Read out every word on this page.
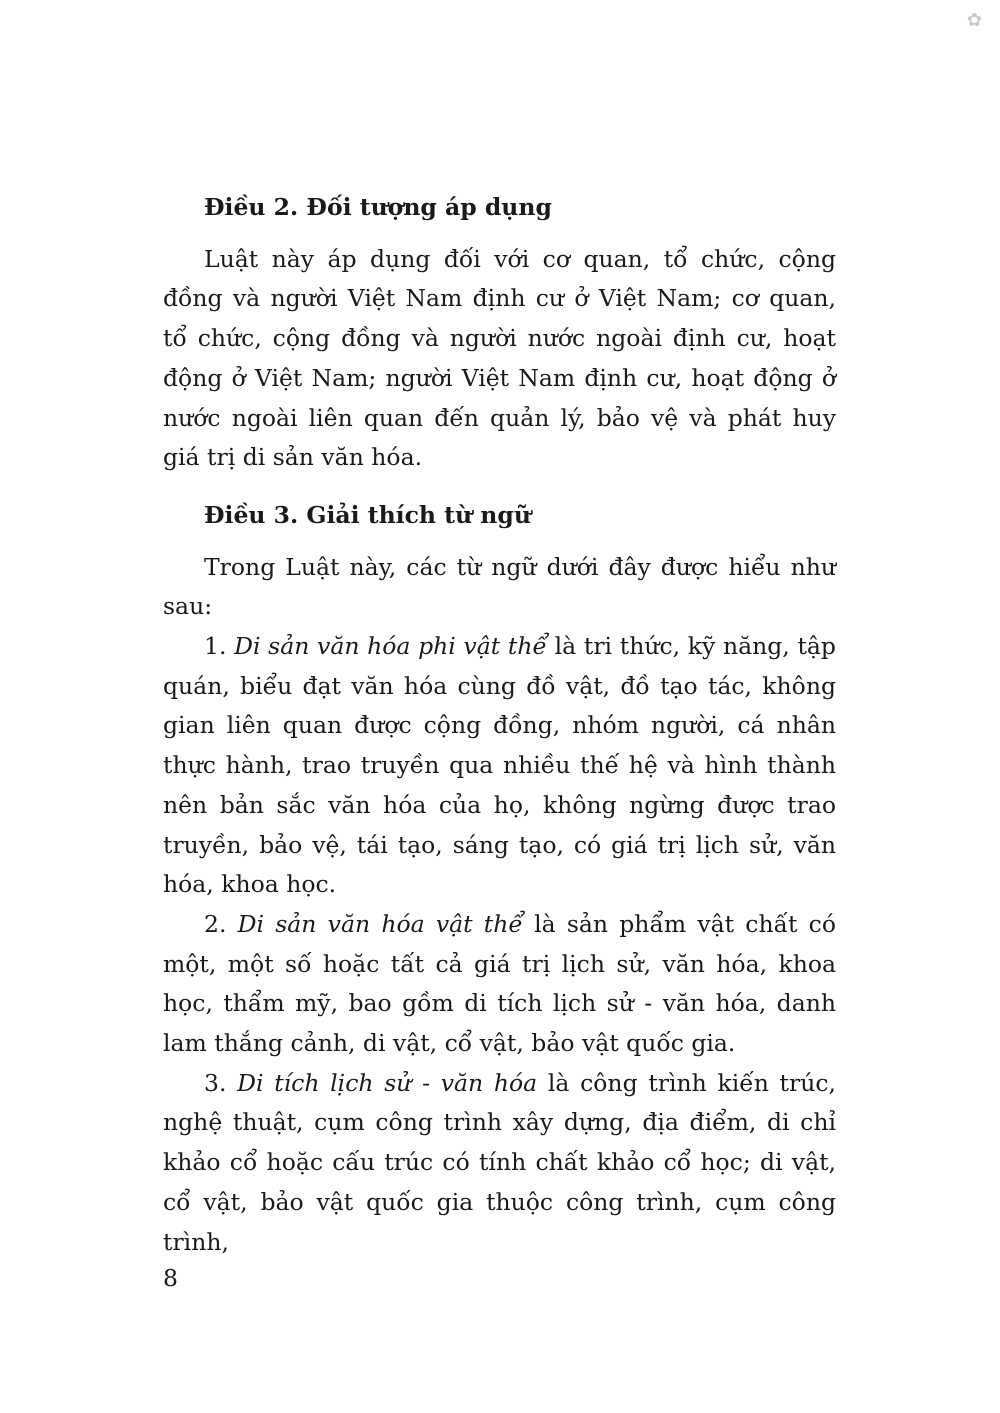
✿

Điều 2. Đối tượng áp dụng

Luật này áp dụng đối với cơ quan, tổ chức, cộng đồng và người Việt Nam định cư ở Việt Nam; cơ quan, tổ chức, cộng đồng và người nước ngoài định cư, hoạt động ở Việt Nam; người Việt Nam định cư, hoạt động ở nước ngoài liên quan đến quản lý, bảo vệ và phát huy giá trị di sản văn hóa.

Điều 3. Giải thích từ ngữ

Trong Luật này, các từ ngữ dưới đây được hiểu như sau:

1. Di sản văn hóa phi vật thể là tri thức, kỹ năng, tập quán, biểu đạt văn hóa cùng đồ vật, đồ tạo tác, không gian liên quan được cộng đồng, nhóm người, cá nhân thực hành, trao truyền qua nhiều thế hệ và hình thành nên bản sắc văn hóa của họ, không ngừng được trao truyền, bảo vệ, tái tạo, sáng tạo, có giá trị lịch sử, văn hóa, khoa học.

2. Di sản văn hóa vật thể là sản phẩm vật chất có một, một số hoặc tất cả giá trị lịch sử, văn hóa, khoa học, thẩm mỹ, bao gồm di tích lịch sử - văn hóa, danh lam thắng cảnh, di vật, cổ vật, bảo vật quốc gia.

3. Di tích lịch sử - văn hóa là công trình kiến trúc, nghệ thuật, cụm công trình xây dựng, địa điểm, di chỉ khảo cổ hoặc cấu trúc có tính chất khảo cổ học; di vật, cổ vật, bảo vật quốc gia thuộc công trình, cụm công trình,

8
